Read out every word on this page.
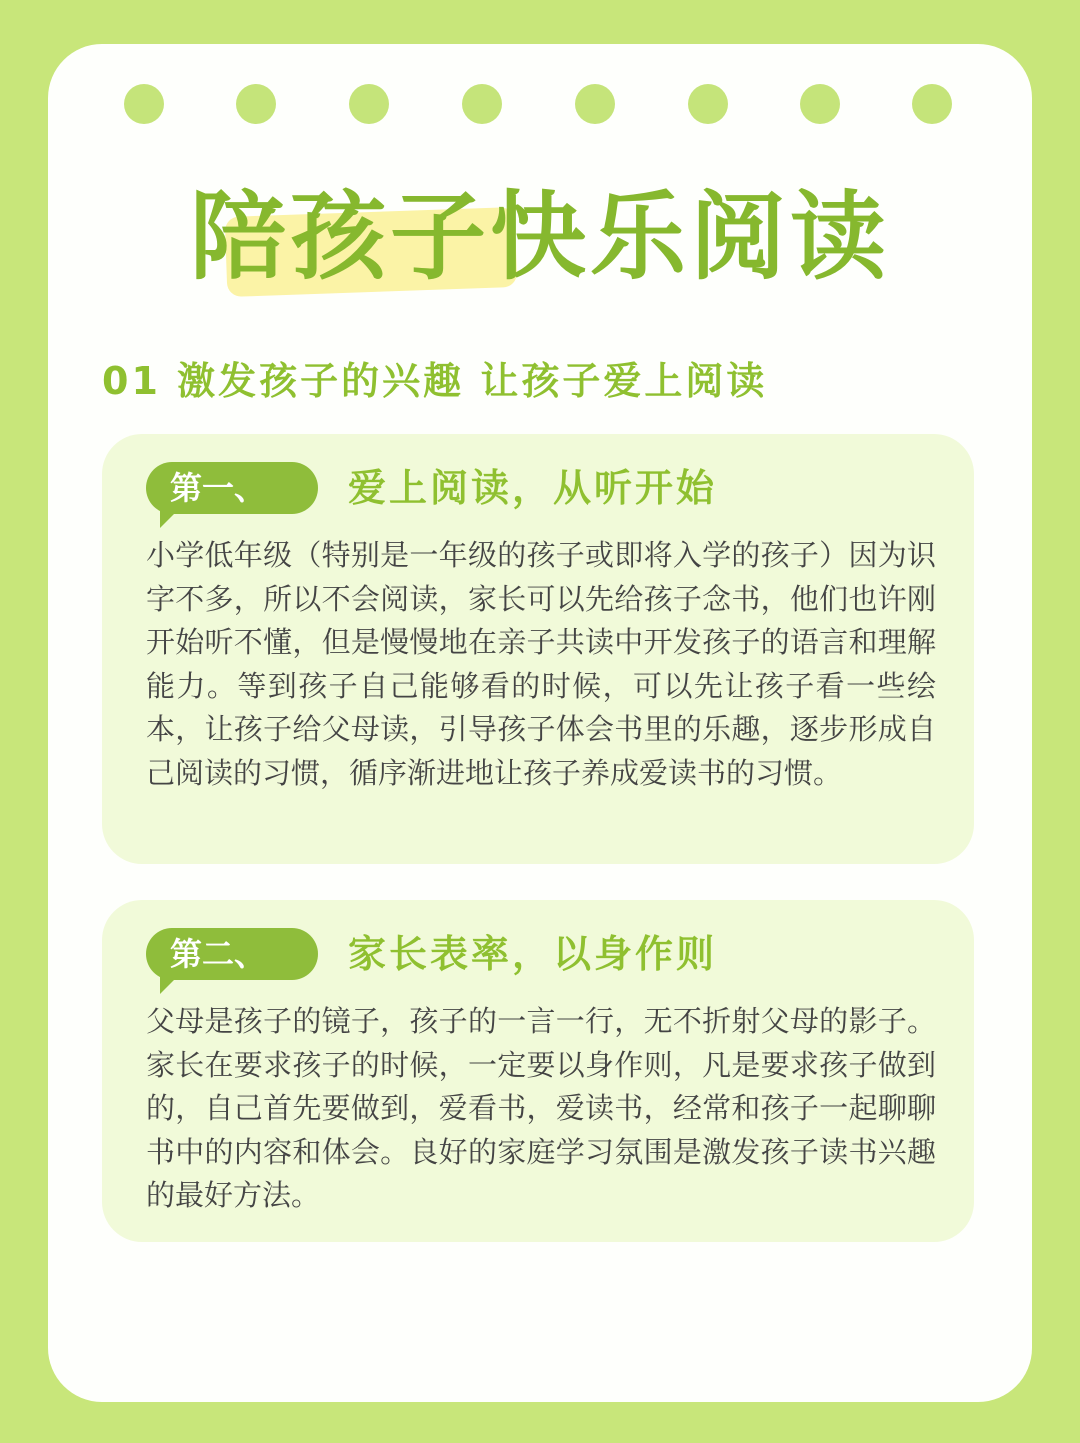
陪孩子快乐阅读
01 激发孩子的兴趣 让孩子爱上阅读
第一、	爱上阅读，从听开始
小学低年级（特别是一年级的孩子或即将入学的孩子）因为识字不多，所以不会阅读，家长可以先给孩子念书，他们也许刚开始听不懂，但是慢慢地在亲子共读中开发孩子的语言和理解能力。等到孩子自己能够看的时候，可以先让孩子看一些绘本，让孩子给父母读，引导孩子体会书里的乐趣，逐步形成自己阅读的习惯，循序渐进地让孩子养成爱读书的习惯。
第二、	家长表率，以身作则
父母是孩子的镜子，孩子的一言一行，无不折射父母的影子。家长在要求孩子的时候，一定要以身作则，凡是要求孩子做到的，自己首先要做到，爱看书，爱读书，经常和孩子一起聊聊书中的内容和体会。良好的家庭学习氛围是激发孩子读书兴趣的最好方法。
